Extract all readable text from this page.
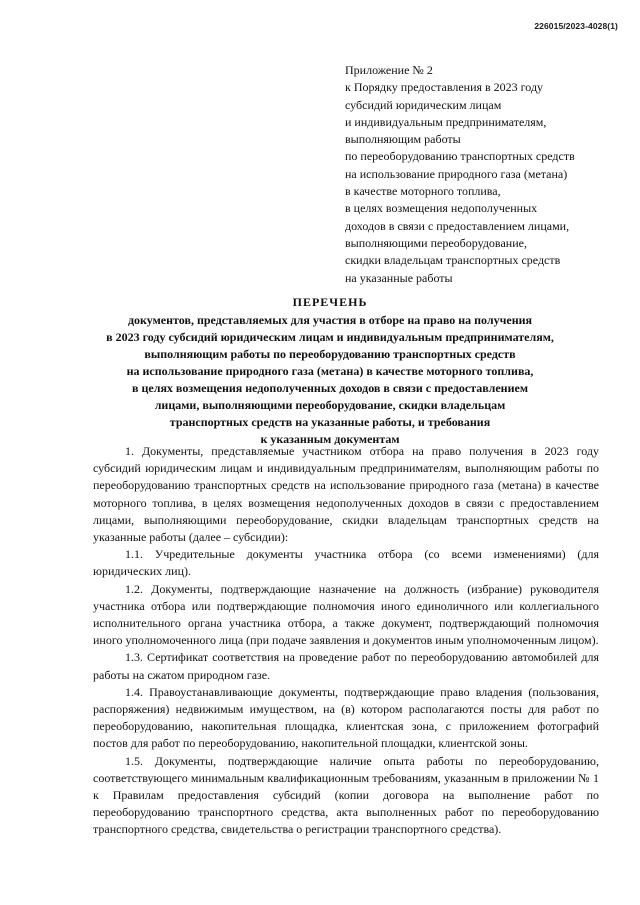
226015/2023-4028(1)
Приложение № 2
к Порядку предоставления в 2023 году
субсидий юридическим лицам
и индивидуальным предпринимателям,
выполняющим работы
по переоборудованию транспортных средств
на использование природного газа (метана)
в качестве моторного топлива,
в целях возмещения недополученных
доходов в связи с предоставлением лицами,
выполняющими переоборудование,
скидки владельцам транспортных средств
на указанные работы
ПЕРЕЧЕНЬ
документов, представляемых для участия в отборе на право на получения
в 2023 году субсидий юридическим лицам и индивидуальным предпринимателям,
выполняющим работы по переоборудованию транспортных средств
на использование природного газа (метана) в качестве моторного топлива,
в целях возмещения недополученных доходов в связи с предоставлением
лицами, выполняющими переоборудование, скидки владельцам
транспортных средств на указанные работы, и требования
к указанным документам

1. Документы, представляемые участником отбора на право получения в 2023 году субсидий юридическим лицам и индивидуальным предпринимателям, выполняющим работы по переоборудованию транспортных средств на использование природного газа (метана) в качестве моторного топлива, в целях возмещения недополученных доходов в связи с предоставлением лицами, выполняющими переоборудование, скидки владельцам транспортных средств на указанные работы (далее – субсидии):

1.1. Учредительные документы участника отбора (со всеми изменениями) (для юридических лиц).

1.2. Документы, подтверждающие назначение на должность (избрание) руководителя участника отбора или подтверждающие полномочия иного единоличного или коллегиального исполнительного органа участника отбора, а также документ, подтверждающий полномочия иного уполномоченного лица (при подаче заявления и документов иным уполномоченным лицом).

1.3. Сертификат соответствия на проведение работ по переоборудованию автомобилей для работы на сжатом природном газе.

1.4. Правоустанавливающие документы, подтверждающие право владения (пользования, распоряжения) недвижимым имуществом, на (в) котором располагаются посты для работ по переоборудованию, накопительная площадка, клиентская зона, с приложением фотографий постов для работ по переоборудованию, накопительной площадки, клиентской зоны.

1.5. Документы, подтверждающие наличие опыта работы по переоборудованию, соответствующего минимальным квалификационным требованиям, указанным в приложении № 1 к Правилам предоставления субсидий (копии договора на выполнение работ по переоборудованию транспортного средства, акта выполненных работ по переоборудованию транспортного средства, свидетельства о регистрации транспортного средства).
